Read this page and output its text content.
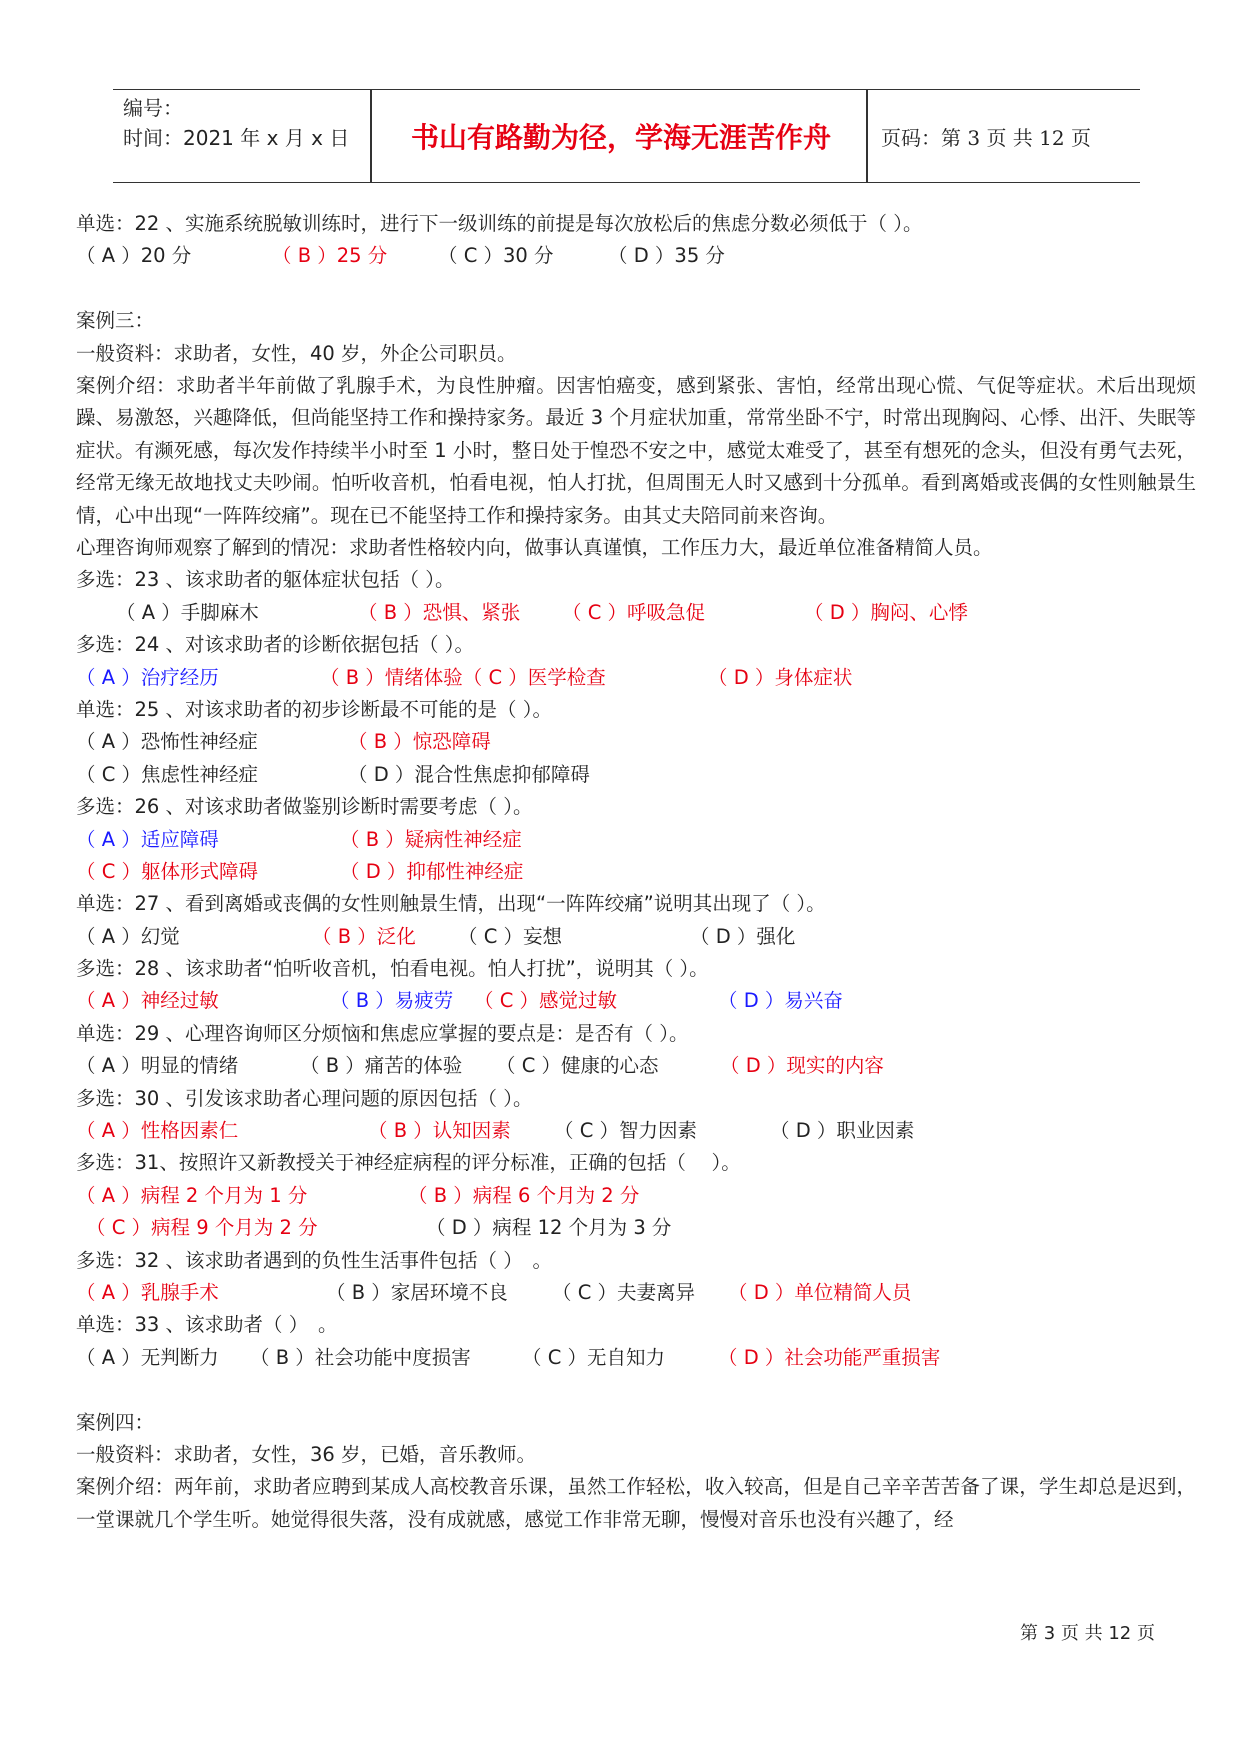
编号：
时间：2021 年 x 月 x 日	书山有路勤为径，学海无涯苦作舟	页码：第 3 页 共 12 页
单选：22 、实施系统脱敏训练时，进行下一级训练的前提是每次放松后的焦虑分数必须低于（ ）。
（ A ）20 分	（ B ）25 分	（ C ）30 分	（ D ）35 分
案例三：
一般资料：求助者，女性，40 岁，外企公司职员。
案例介绍：求助者半年前做了乳腺手术，为良性肿瘤。因害怕癌变，感到紧张、害怕，经常出现心慌、气促等症状。术后出现烦躁、易激怒，兴趣降低，但尚能坚持工作和操持家务。最近 3 个月症状加重，常常坐卧不宁，时常出现胸闷、心悸、出汗、失眠等症状。有濒死感，每次发作持续半小时至 1 小时，整日处于惶恐不安之中，感觉太难受了，甚至有想死的念头，但没有勇气去死，经常无缘无故地找丈夫吵闹。怕听收音机，怕看电视，怕人打扰，但周围无人时又感到十分孤单。看到离婚或丧偶的女性则触景生情，心中出现“一阵阵绞痛”。现在已不能坚持工作和操持家务。由其丈夫陪同前来咨询。
心理咨询师观察了解到的情况：求助者性格较内向，做事认真谨慎，工作压力大，最近单位准备精简人员。
多选：23 、该求助者的躯体症状包括（ ）。
（ A ）手脚麻木	（ B ）恐惧、紧张 （ C ）呼吸急促	（ D ）胸闷、心悸
多选：24 、对该求助者的诊断依据包括（ ）。
（ A ）治疗经历	（ B ）情绪体验（ C ）医学检查	（ D ）身体症状
单选：25 、对该求助者的初步诊断最不可能的是（ ）。
（ A ）恐怖性神经症	（ B ）惊恐障碍
（ C ）焦虑性神经症	（ D ）混合性焦虑抑郁障碍
多选：26 、对该求助者做鉴别诊断时需要考虑（ ）。
（ A ）适应障碍	（ B ）疑病性神经症
（ C ）躯体形式障碍	（ D ）抑郁性神经症
单选：27 、看到离婚或丧偶的女性则触景生情，出现“一阵阵绞痛”说明其出现了（ ）。
（ A ）幻觉	（ B ）泛化 （ C ）妄想	（ D ）强化
多选：28 、该求助者“怕听收音机，怕看电视。怕人打扰”，说明其（ ）。
（ A ）神经过敏	（ B ）易疲劳 （ C ）感觉过敏	（ D ）易兴奋
单选：29 、心理咨询师区分烦恼和焦虑应掌握的要点是：是否有（ ）。
（ A ）明显的情绪	（ B ）痛苦的体验 （ C ）健康的心态	（ D ）现实的内容
多选：30 、引发该求助者心理问题的原因包括（ ）。
（ A ）性格因素仁	（ B ）认知因素 （ C ）智力因素	（ D ）职业因素
多选：31、按照许又新教授关于神经症病程的评分标准，正确的包括（　 ）。
（ A ）病程 2 个月为 1 分	（ B ）病程 6 个月为 2 分
（ C ）病程 9 个月为 2 分	（ D ）病程 12 个月为 3 分
多选：32 、该求助者遇到的负性生活事件包括（ ）　。
（ A ）乳腺手术	（ B ）家居环境不良 （ C ）夫妻离异 （ D ）单位精简人员
单选：33 、该求助者（ ）　。
（ A ）无判断力 （ B ）社会功能中度损害	（ C ）无自知力	（ D ）社会功能严重损害
案例四：
一般资料：求助者，女性，36 岁，已婚，音乐教师。
案例介绍：两年前，求助者应聘到某成人高校教音乐课，虽然工作轻松，收入较高，但是自己辛辛苦苦备了课，学生却总是迟到，一堂课就几个学生听。她觉得很失落，没有成就感，感觉工作非常无聊，慢慢对音乐也没有兴趣了，经
第 3 页 共 12 页
